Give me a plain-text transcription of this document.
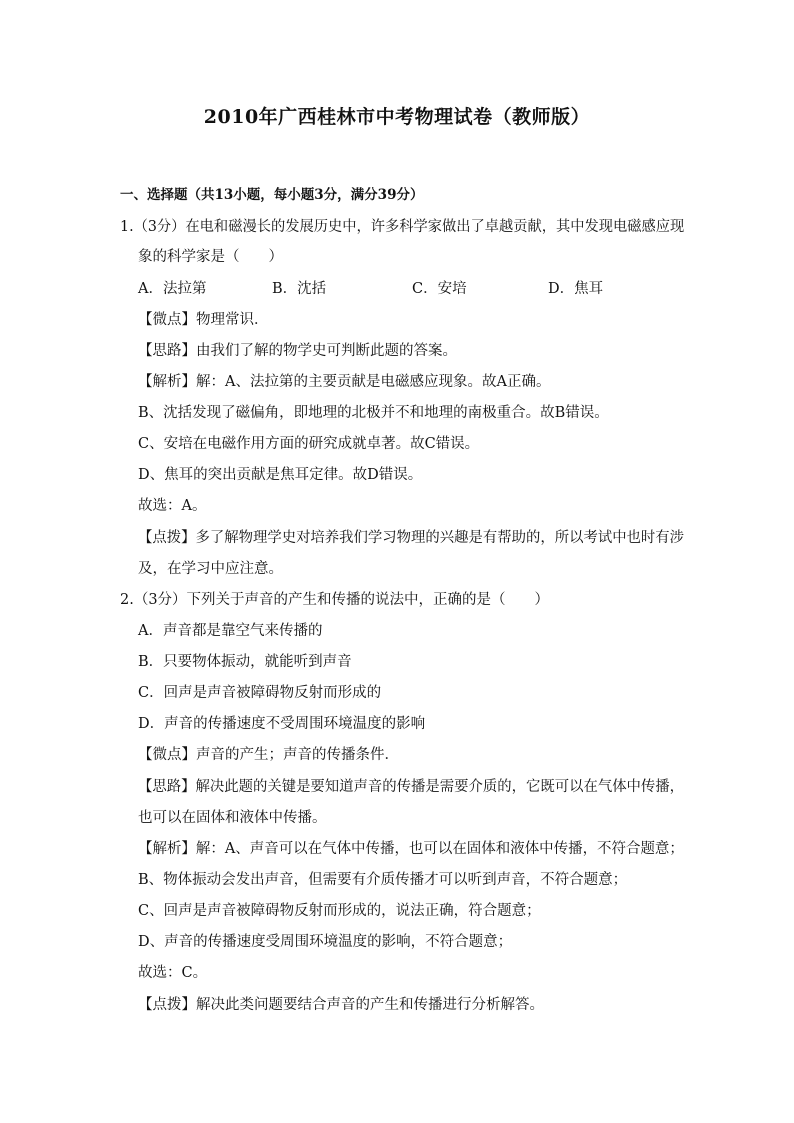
2010年广西桂林市中考物理试卷（教师版）
一、选择题（共13小题，每小题3分，满分39分）
1.（3分）在电和磁漫长的发展历史中，许多科学家做出了卓越贡献，其中发现电磁感应现
象的科学家是（　　）
A．法拉第	B．沈括	C．安培	D．焦耳
【微点】物理常识．
【思路】由我们了解的物学史可判断此题的答案。
【解析】解：A、法拉第的主要贡献是电磁感应现象。故A正确。
B、沈括发现了磁偏角，即地理的北极并不和地理的南极重合。故B错误。
C、安培在电磁作用方面的研究成就卓著。故C错误。
D、焦耳的突出贡献是焦耳定律。故D错误。
故选：A。
【点拨】多了解物理学史对培养我们学习物理的兴趣是有帮助的，所以考试中也时有涉
及，在学习中应注意。
2.（3分）下列关于声音的产生和传播的说法中，正确的是（　　）
A．声音都是靠空气来传播的
B．只要物体振动，就能听到声音
C．回声是声音被障碍物反射而形成的
D．声音的传播速度不受周围环境温度的影响
【微点】声音的产生；声音的传播条件．
【思路】解决此题的关键是要知道声音的传播是需要介质的，它既可以在气体中传播，
也可以在固体和液体中传播。
【解析】解：A、声音可以在气体中传播，也可以在固体和液体中传播，不符合题意；
B、物体振动会发出声音，但需要有介质传播才可以听到声音，不符合题意；
C、回声是声音被障碍物反射而形成的，说法正确，符合题意；
D、声音的传播速度受周围环境温度的影响，不符合题意；
故选：C。
【点拨】解决此类问题要结合声音的产生和传播进行分析解答。
